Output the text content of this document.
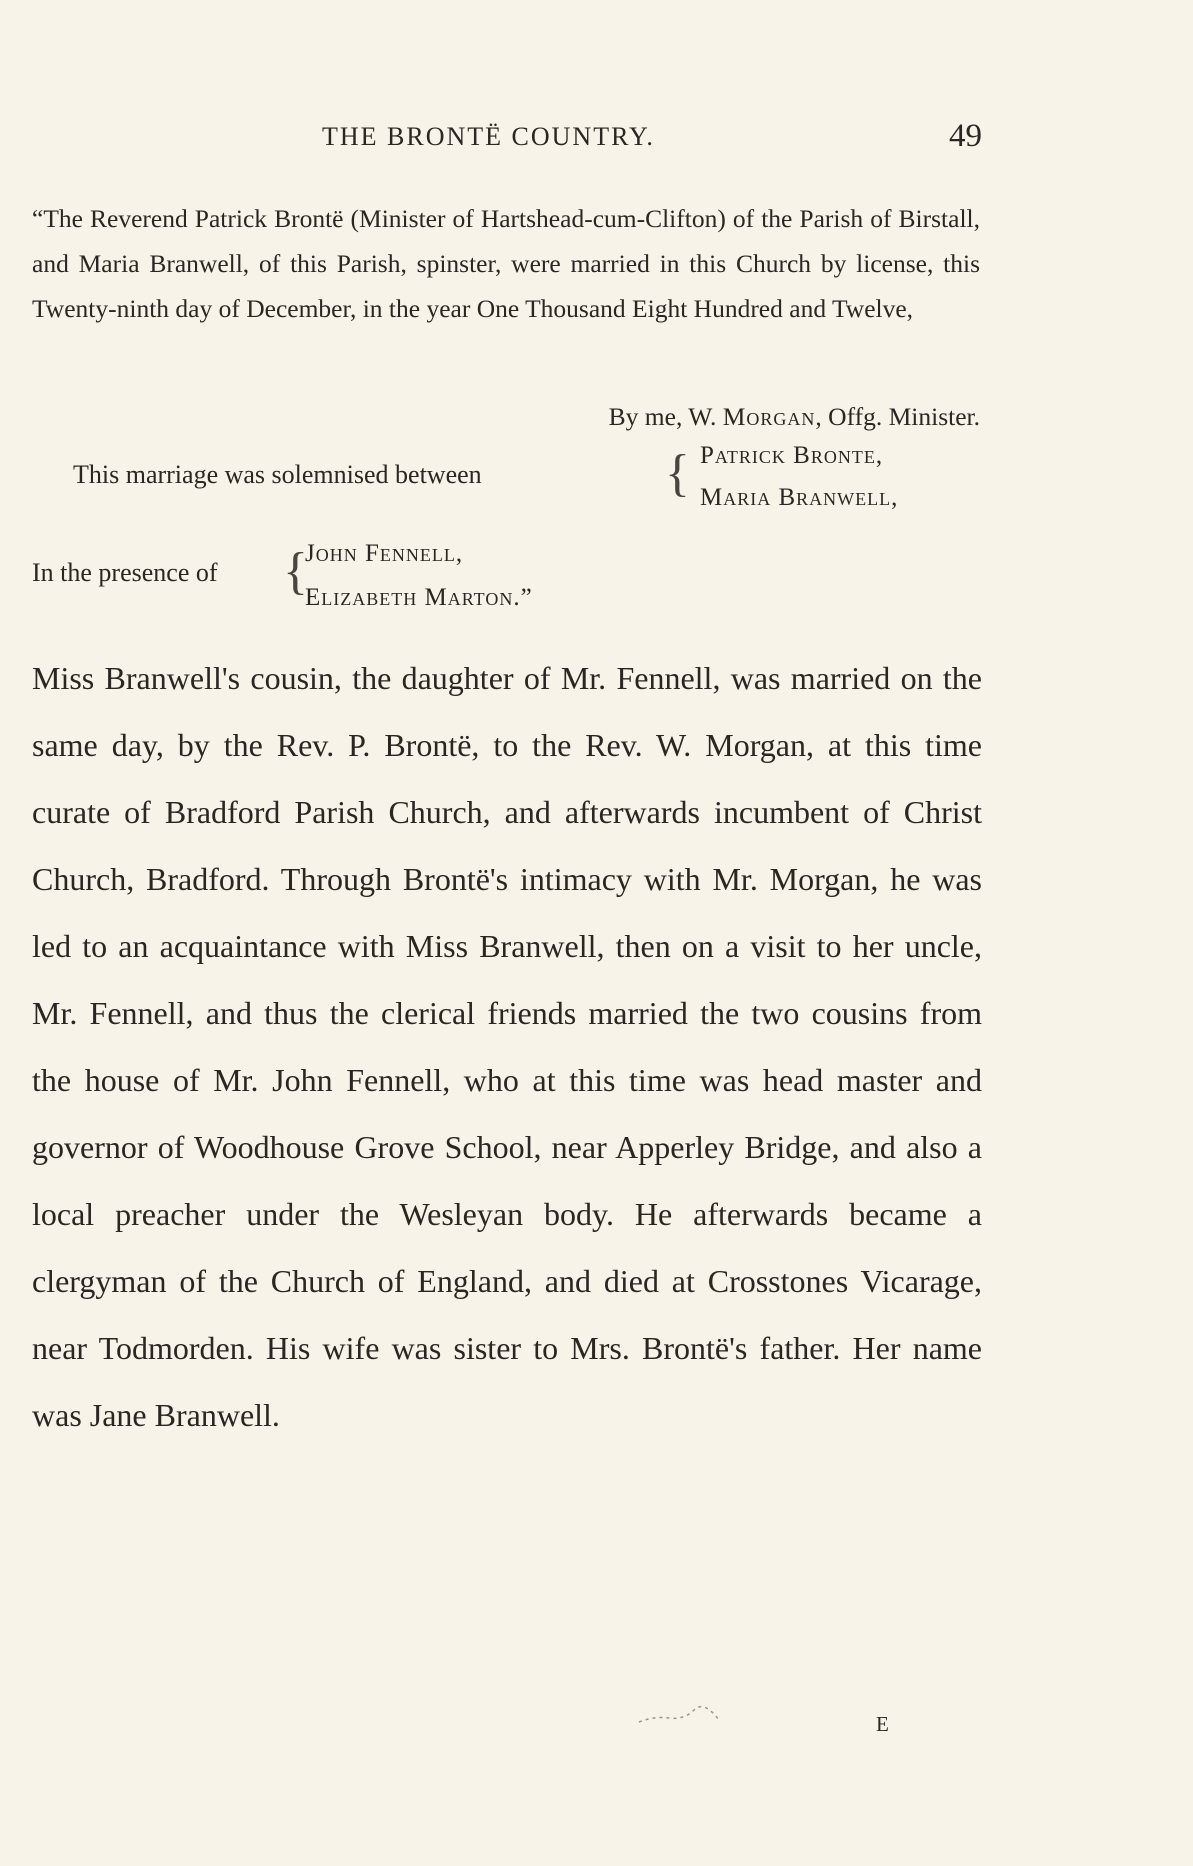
THE BRONTË COUNTRY.	49

“The Reverend Patrick Brontë (Minister of Hartshead-cum-Clifton) of the Parish of Birstall, and Maria Branwell, of this Parish, spinster, were married in this Church by license, this Twenty-ninth day of December, in the year One Thousand Eight Hundred and Twelve,

By me, W. Morgan, Offg. Minister.
This marriage was solemnised between	{ Patrick Bronte,
Maria Branwell,
In the presence of {
John Fennell,
Elizabeth Marton.”

Miss Branwell's cousin, the daughter of Mr. Fennell, was married on the same day, by the Rev. P. Brontë, to the Rev. W. Morgan, at this time curate of Bradford Parish Church, and afterwards incumbent of Christ Church, Bradford. Through Brontë's intimacy with Mr. Morgan, he was led to an acquaintance with Miss Branwell, then on a visit to her uncle, Mr. Fennell, and thus the clerical friends married the two cousins from the house of Mr. John Fennell, who at this time was head master and governor of Woodhouse Grove School, near Apperley Bridge, and also a local preacher under the Wesleyan body. He afterwards became a clergyman of the Church of England, and died at Crosstones Vicarage, near Todmorden. His wife was sister to Mrs. Brontë's father. Her name was Jane Branwell.

E
